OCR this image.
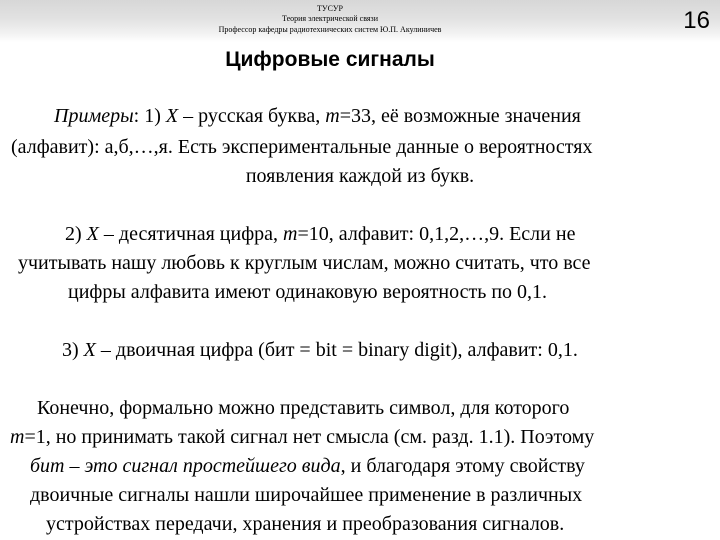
ТУСУР
Теория электрической связи
Профессор кафедры радиотехнических систем Ю.П. Акулиничев	16
Цифровые сигналы
Примеры: 1) X – русская буква, m=33, её возможные значения
(алфавит): а,б,…,я. Есть экспериментальные данные о вероятностях
появления каждой из букв.
2) X – десятичная цифра, m=10, алфавит: 0,1,2,…,9. Если не
учитывать нашу любовь к круглым числам, можно считать, что все
цифры алфавита имеют одинаковую вероятность по 0,1.
3) X – двоичная цифра (бит = bit = binary digit), алфавит: 0,1.
Конечно, формально можно представить символ, для которого
m=1, но принимать такой сигнал нет смысла (см. разд. 1.1). Поэтому
бит – это сигнал простейшего вида, и благодаря этому свойству
двоичные сигналы нашли широчайшее применение в различных
устройствах передачи, хранения и преобразования сигналов.
